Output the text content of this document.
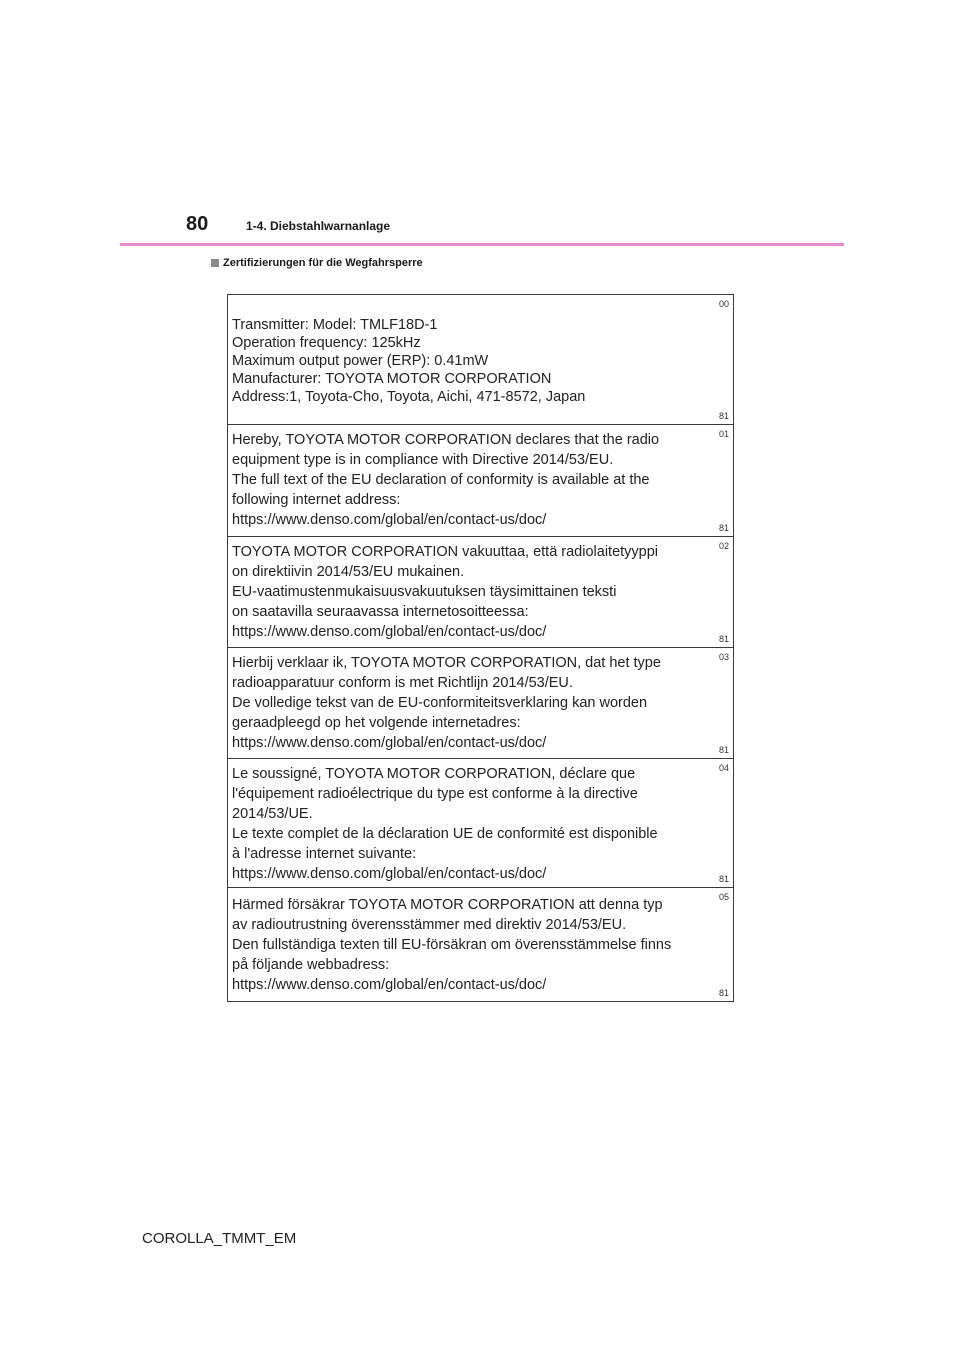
80	1-4. Diebstahlwarnanlage
Zertifizierungen für die Wegfahrsperre
00
Transmitter: Model: TMLF18D-1
Operation frequency: 125kHz
Maximum output power (ERP): 0.41mW
Manufacturer: TOYOTA MOTOR CORPORATION
Address:1, Toyota-Cho, Toyota, Aichi, 471-8572, Japan
81
01
Hereby, TOYOTA MOTOR CORPORATION declares that the radio
equipment type is in compliance with Directive 2014/53/EU.
The full text of the EU declaration of conformity is available at the
following internet address:
https://www.denso.com/global/en/contact-us/doc/	81
02
TOYOTA MOTOR CORPORATION vakuuttaa, että radiolaitetyyppi
on direktiivin 2014/53/EU mukainen.
EU-vaatimustenmukaisuusvakuutuksen täysimittainen teksti
on saatavilla seuraavassa internetosoitteessa:
https://www.denso.com/global/en/contact-us/doc/	81
03
Hierbij verklaar ik, TOYOTA MOTOR CORPORATION, dat het type
radioapparatuur conform is met Richtlijn 2014/53/EU.
De volledige tekst van de EU-conformiteitsverklaring kan worden
geraadpleegd op het volgende internetadres:
https://www.denso.com/global/en/contact-us/doc/	81
04
Le soussigné, TOYOTA MOTOR CORPORATION, déclare que
l'équipement radioélectrique du type est conforme à la directive
2014/53/UE.
Le texte complet de la déclaration UE de conformité est disponible
à l'adresse internet suivante:
https://www.denso.com/global/en/contact-us/doc/	81
05
Härmed försäkrar TOYOTA MOTOR CORPORATION att denna typ
av radioutrustning överensstämmer med direktiv 2014/53/EU.
Den fullständiga texten till EU-försäkran om överensstämmelse finns
på följande webbadress:
https://www.denso.com/global/en/contact-us/doc/	81
COROLLA_TMMT_EM
